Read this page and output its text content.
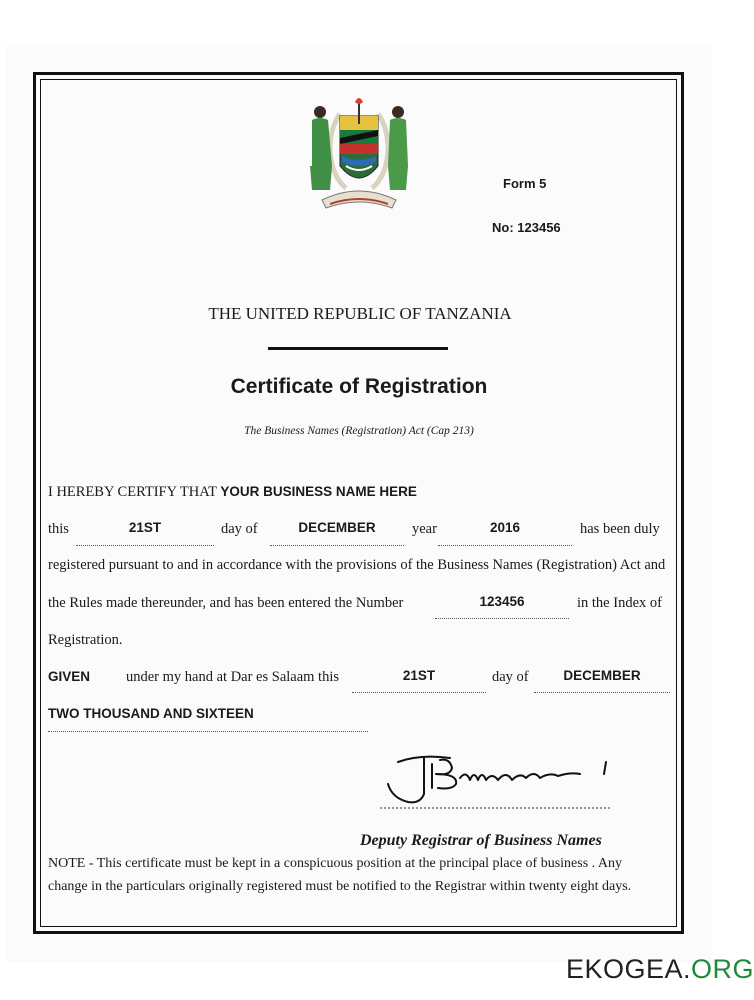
Form 5
No: 123456
THE UNITED REPUBLIC OF TANZANIA
Certificate of Registration
The Business Names (Registration) Act (Cap 213)
I HEREBY CERTIFY THAT YOUR BUSINESS NAME HERE
this	21ST	day of	DECEMBER	year	2016	has been duly
registered pursuant to and in accordance with the provisions of the Business Names (Registration) Act and
the Rules made thereunder, and has been entered the Number	123456	in the Index of
Registration.
GIVEN under my hand at Dar es Salaam this	21ST	day of	DECEMBER
TWO THOUSAND AND SIXTEEN
Deputy Registrar of Business Names
NOTE - This certificate must be kept in a conspicuous position at the principal place of business . Any
change in the particulars originally registered must be notified to the Registrar within twenty eight days.
EKOGEA.ORG
